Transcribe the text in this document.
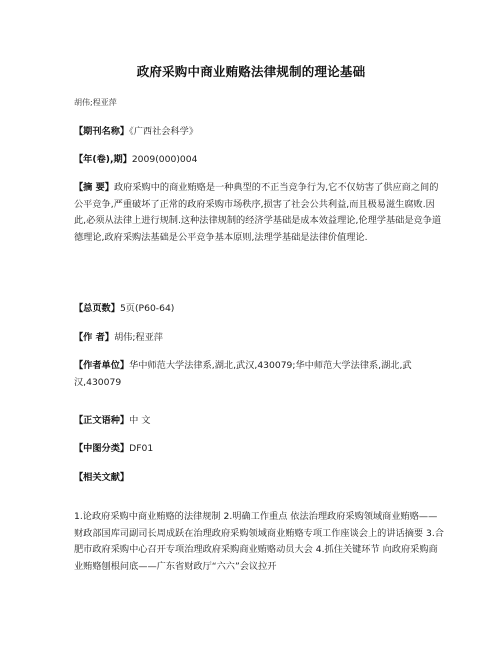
政府采购中商业贿赂法律规制的理论基础
胡伟;程亚萍
【期刊名称】《广西社会科学》
【年(卷),期】2009(000)004
【摘 要】政府采购中的商业贿赂是一种典型的不正当竞争行为,它不仅妨害了供应商之间的公平竞争,严重破坏了正常的政府采购市场秩序,损害了社会公共利益,而且极易滋生腐败.因此,必须从法律上进行规制.这种法律规制的经济学基础是成本效益理论,伦理学基础是竞争道德理论,政府采购法基础是公平竞争基本原则,法理学基础是法律价值理论.
【总页数】5页(P60-64)
【作 者】胡伟;程亚萍
【作者单位】华中师范大学法律系,湖北,武汉,430079;华中师范大学法律系,湖北,武汉,430079
【正文语种】中 文
【中图分类】DF01
【相关文献】
1.论政府采购中商业贿赂的法律规制 2.明确工作重点 依法治理政府采购领域商业贿赂——财政部国库司副司长周成跃在治理政府采购领域商业贿赂专项工作座谈会上的讲话摘要 3.合肥市政府采购中心召开专项治理政府采购商业贿赂动员大会 4.抓住关键环节 向政府采购商业贿赂刨根问底——广东省财政厅“六六”会议拉开
